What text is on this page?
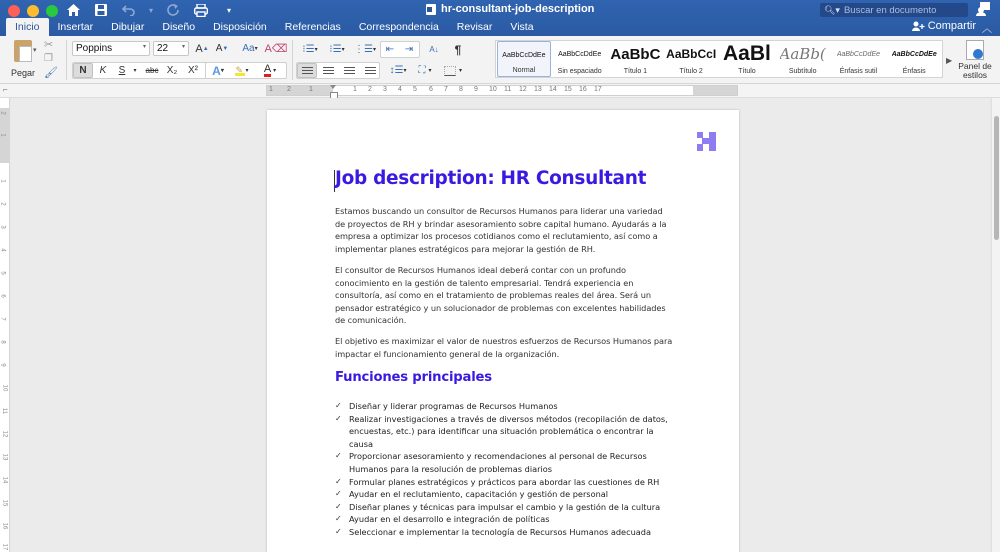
▾	▾	hr-consultant-job-description	🔍︎▾ Buscar en documento
Inicio	Insertar	Dibujar	Diseño	Disposición	Referencias	Correspondencia	Revisar	Vista	Compartir ︿
Pegar
▾ ✂
❐
🖌︎
Poppins	▾	22 ▾ A ▲ A ▼ Aa ▾ A⌫
N K S	▾	abc X₂ X² A ▾ ✎ ▾ A ▾
⁝☰ ▾ ⁝☰ ▾ ⋮☰ ▾ ⇤ ⇥ A↓ ¶
↕☰ ▾ ⛶ ▾	▾
AaBbCcDdEe
Normal
AaBbCcDdEe
Sin espaciado
AaBbC
Título 1
AaBbCcI
Título 2
AaBl
Título
AaBb(
Subtítulo
AaBbCcDdEe
Énfasis sutil
AaBbCcDdEe
Énfasis
▶
Panel de estilos
⌐	1 2	1	1 2 3 4 5 6 7 8 9 10 11 12 13 14 15 16 17
2
1
1
2
3
4
5
6
7
8
9
10
11
12
13
14
15
16
17
Job description: HR Consultant

Estamos buscando un consultor de Recursos Humanos para liderar una variedad de proyectos de RH y brindar asesoramiento sobre capital humano. Ayudarás a la empresa a optimizar los procesos cotidianos como el reclutamiento, así como a implementar planes estratégicos para mejorar la gestión de RH.

El consultor de Recursos Humanos ideal deberá contar con un profundo conocimiento en la gestión de talento empresarial. Tendrá experiencia en consultoría, así como en el tratamiento de problemas reales del área. Será un pensador estratégico y un solucionador de problemas con excelentes habilidades de comunicación.

El objetivo es maximizar el valor de nuestros esfuerzos de Recursos Humanos para impactar el funcionamiento general de la organización.

Funciones principales
✓ Diseñar y liderar programas de Recursos Humanos
✓ Realizar investigaciones a través de diversos métodos (recopilación de datos, encuestas, etc.) para identificar una situación problemática o encontrar la causa
✓ Proporcionar asesoramiento y recomendaciones al personal de Recursos Humanos para la resolución de problemas diarios
✓ Formular planes estratégicos y prácticos para abordar las cuestiones de RH
✓ Ayudar en el reclutamiento, capacitación y gestión de personal
✓ Diseñar planes y técnicas para impulsar el cambio y la gestión de la cultura
✓ Ayudar en el desarrollo e integración de políticas
✓ Seleccionar e implementar la tecnología de Recursos Humanos adecuada
